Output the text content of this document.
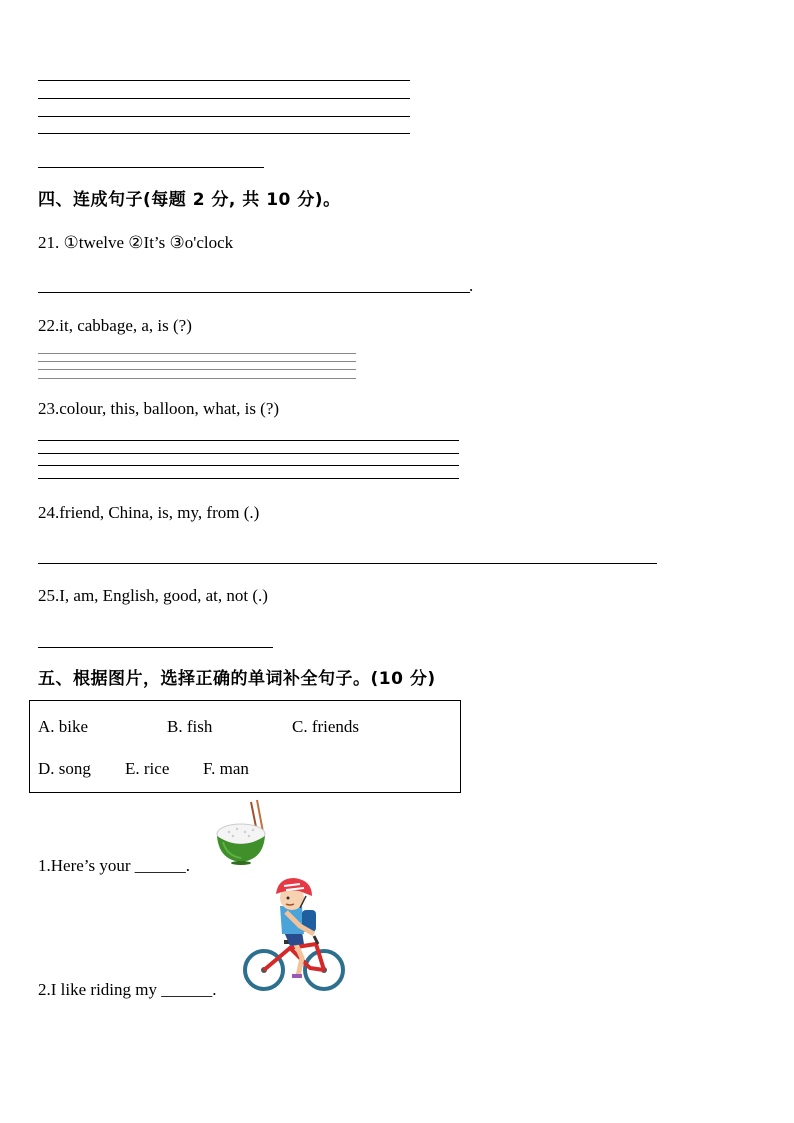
四、连成句子(每题 2 分, 共 10 分)。
21. ①twelve ②It’s ③o'clock
.
22.it, cabbage, a, is (?)
23.colour, this, balloon, what, is (?)
24.friend, China, is, my, from (.)
25.I, am, English, good, at, not (.)
五、根据图片，选择正确的单词补全句子。(10 分)
A. bike	B. fish	C. friends
D. song E. rice F. man
1.Here’s your ______.
2.I like riding my ______.
